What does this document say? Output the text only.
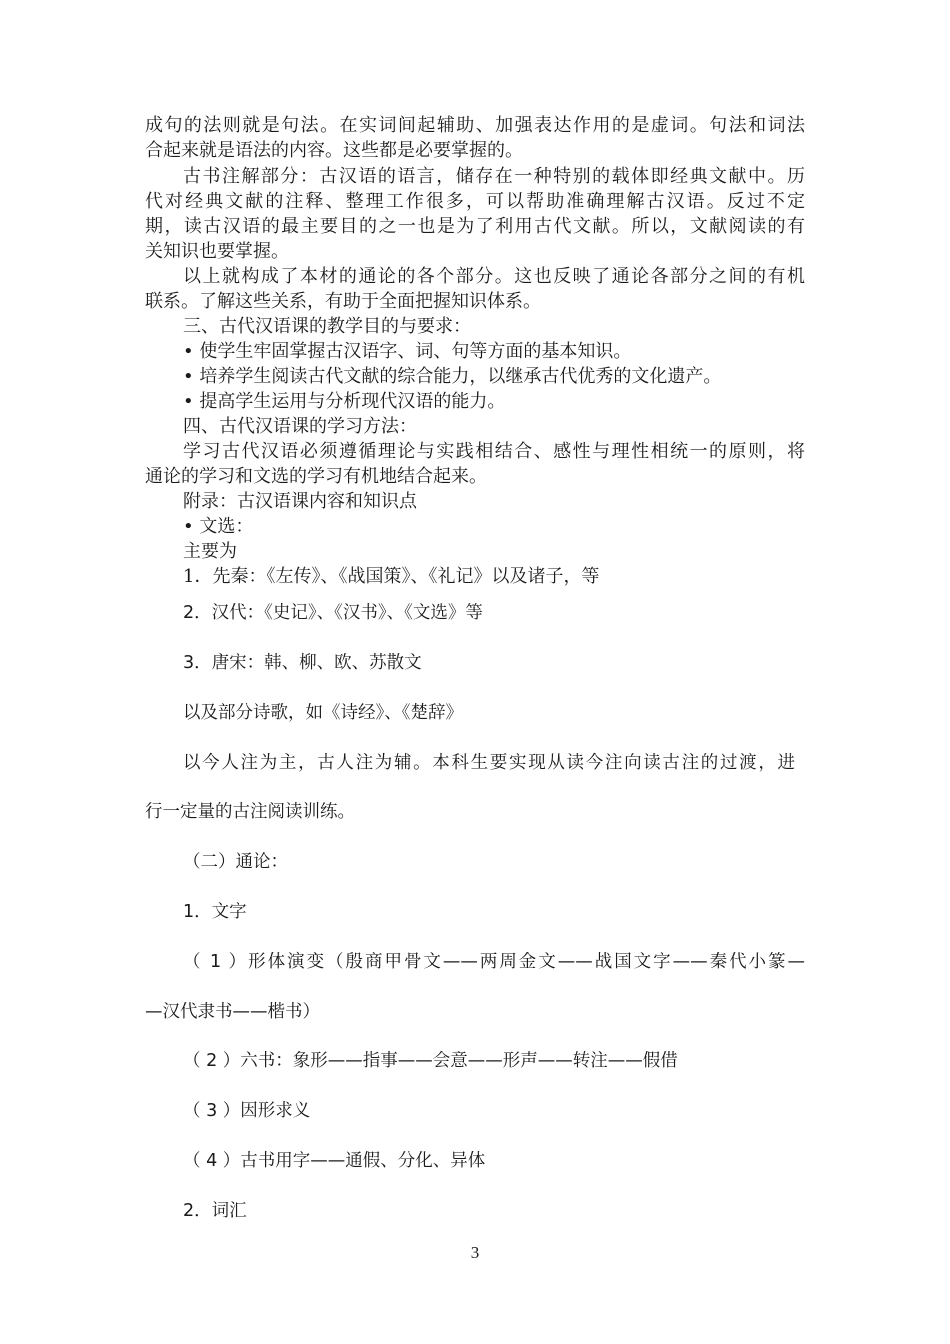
成句的法则就是句法。在实词间起辅助、加强表达作用的是虚词。句法和词法
合起来就是语法的内容。这些都是必要掌握的。
古书注解部分：古汉语的语言，储存在一种特别的载体即经典文献中。历
代对经典文献的注释、整理工作很多，可以帮助准确理解古汉语。反过不定
期，读古汉语的最主要目的之一也是为了利用古代文献。所以，文献阅读的有
关知识也要掌握。
以上就构成了本材的通论的各个部分。这也反映了通论各部分之间的有机
联系。了解这些关系，有助于全面把握知识体系。
三、古代汉语课的教学目的与要求：
• 使学生牢固掌握古汉语字、词、句等方面的基本知识。
• 培养学生阅读古代文献的综合能力，以继承古代优秀的文化遗产。
• 提高学生运用与分析现代汉语的能力。
四、古代汉语课的学习方法：
学习古代汉语必须遵循理论与实践相结合、感性与理性相统一的原则，将
通论的学习和文选的学习有机地结合起来。
附录：古汉语课内容和知识点
• 文选：
主要为
1．先秦：《左传》、《战国策》、《礼记》以及诸子，等
2．汉代：《史记》、《汉书》、《文选》等
3．唐宋：韩、柳、欧、苏散文
以及部分诗歌，如《诗经》、《楚辞》
以今人注为主，古人注为辅。本科生要实现从读今注向读古注的过渡，进
行一定量的古注阅读训练。
（二）通论：
1．文字
（ 1 ）形体演变（殷商甲骨文——两周金文——战国文字——秦代小篆—
—汉代隶书——楷书）
（ 2 ）六书：象形——指事——会意——形声——转注——假借
（ 3 ）因形求义
（ 4 ）古书用字——通假、分化、异体
2．词汇
3
